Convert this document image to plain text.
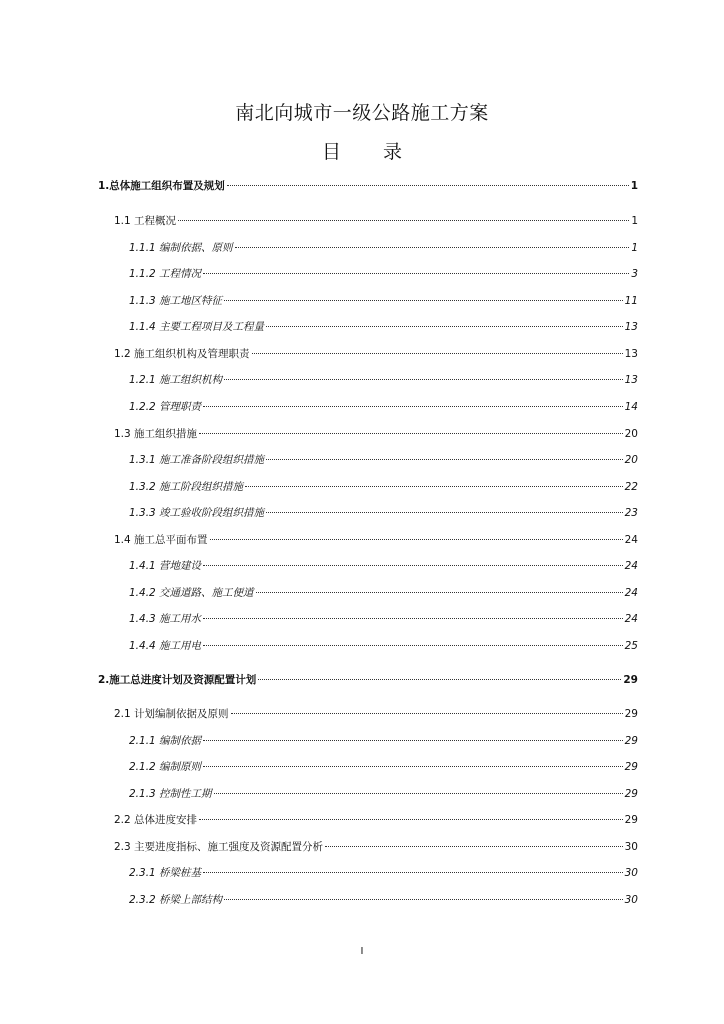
南北向城市一级公路施工方案
目 录
1.总体施工组织布置及规划	1
1.1 工程概况	1
1.1.1 编制依据、原则	1
1.1.2 工程情况	3
1.1.3 施工地区特征	11
1.1.4 主要工程项目及工程量	13
1.2 施工组织机构及管理职责	13
1.2.1 施工组织机构	13
1.2.2 管理职责	14
1.3 施工组织措施	20
1.3.1 施工准备阶段组织措施	20
1.3.2 施工阶段组织措施	22
1.3.3 竣工验收阶段组织措施	23
1.4 施工总平面布置	24
1.4.1 营地建设	24
1.4.2 交通道路、施工便道	24
1.4.3 施工用水	24
1.4.4 施工用电	25
2.施工总进度计划及资源配置计划	29
2.1 计划编制依据及原则	29
2.1.1 编制依据	29
2.1.2 编制原则	29
2.1.3 控制性工期	29
2.2 总体进度安排	29
2.3 主要进度指标、施工强度及资源配置分析	30
2.3.1 桥梁桩基	30
2.3.2 桥梁上部结构	30
I
